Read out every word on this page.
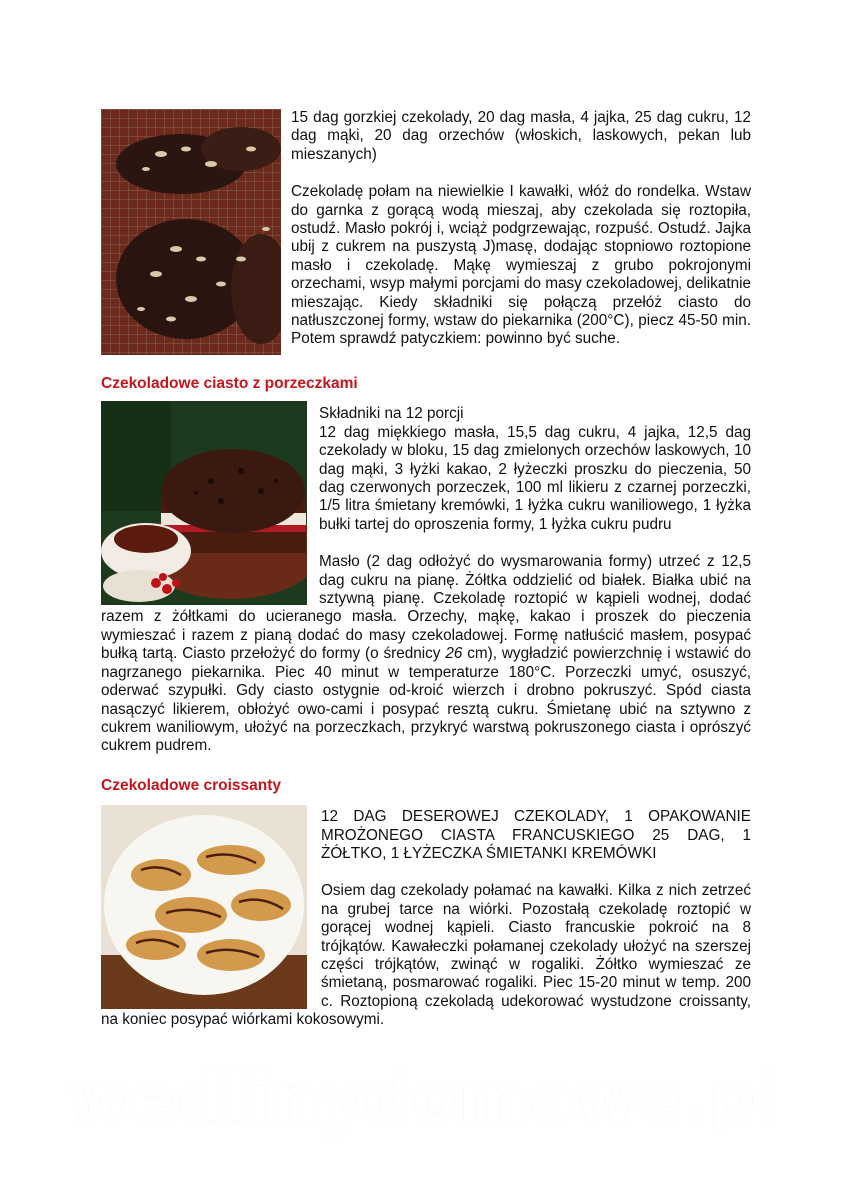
15 dag gorzkiej czekolady, 20 dag masła, 4 jajka, 25 dag cukru, 12 dag mąki, 20 dag orzechów (włoskich, laskowych, pekan lub mieszanych)

Czekoladę połam na niewielkie I kawałki, włóż do rondelka. Wstaw do garnka z gorącą wodą mieszaj, aby czekolada się roztopiła, ostudź. Masło pokrój i, wciąż podgrzewając, rozpuść. Ostudź. Jajka ubij z cukrem na puszystą J)masę, dodając stopniowo roztopione masło i czekoladę. Mąkę wymieszaj z grubo pokrojonymi orzechami, wsyp małymi porcjami do masy czekoladowej, delikatnie mieszając. Kiedy składniki się połączą przełóż ciasto do natłuszczonej formy, wstaw do piekarnika (200°C), piecz 45-50 min. Potem sprawdź patyczkiem: powinno być suche.

Czekoladowe ciasto z porzeczkami

Składniki na 12 porcji

12 dag miękkiego masła, 15,5 dag cukru, 4 jajka, 12,5 dag czekolady w bloku, 15 dag zmielonych orzechów laskowych, 10 dag mąki, 3 łyżki kakao, 2 łyżeczki proszku do pieczenia, 50 dag czerwonych porzeczek, 100 ml likieru z czarnej porzeczki, 1/5 litra śmietany kremówki, 1 łyżka cukru waniliowego, 1 łyżka bułki tartej do oproszenia formy, 1 łyżka cukru pudru

Masło (2 dag odłożyć do wysmarowania formy) utrzeć z 12,5 dag cukru na pianę. Żółtka oddzielić od białek. Białka ubić na sztywną pianę. Czekoladę roztopić w kąpieli wodnej, dodać razem z żółtkami do ucieranego masła. Orzechy, mąkę, kakao i proszek do pieczenia wymieszać i razem z pianą dodać do masy czekoladowej. Formę natłuścić masłem, posypać bułką tartą. Ciasto przełożyć do formy (o średnicy 26 cm), wygładzić powierzchnię i wstawić do nagrzanego piekarnika. Piec 40 minut w temperaturze 180°C. Porzeczki umyć, osuszyć, oderwać szypułki. Gdy ciasto ostygnie od-kroić wierzch i drobno pokruszyć. Spód ciasta nasączyć likierem, obłożyć owo-cami i posypać resztą cukru. Śmietanę ubić na sztywno z cukrem waniliowym, ułożyć na porzeczkach, przykryć warstwą pokruszonego ciasta i oprószyć cukrem pudrem.

Czekoladowe croissanty

12 DAG DESEROWEJ CZEKOLADY, 1 OPAKOWANIE MROŻONEGO CIASTA FRANCUSKIEGO 25 DAG, 1 ŻÓŁTKO, 1 ŁYŻECZKA ŚMIETANKI KREMÓWKI

Osiem dag czekolady połamać na kawałki. Kilka z nich zetrzeć na grubej tarce na wiórki. Pozostałą czekoladę roztopić w gorącej wodnej kąpieli. Ciasto francuskie pokroić na 8 trójkątów. Kawałeczki połamanej czekolady ułożyć na szerszej części trójkątów, zwinąć w rogaliki. Żółtko wymieszać ze śmietaną, posmarować rogaliki. Piec 15-20 minut w temp. 200 c. Roztopioną czekoladą udekorować wystudzone croissanty, na koniec posypać wiórkami kokosowymi.

wedlinydomowe.pl
